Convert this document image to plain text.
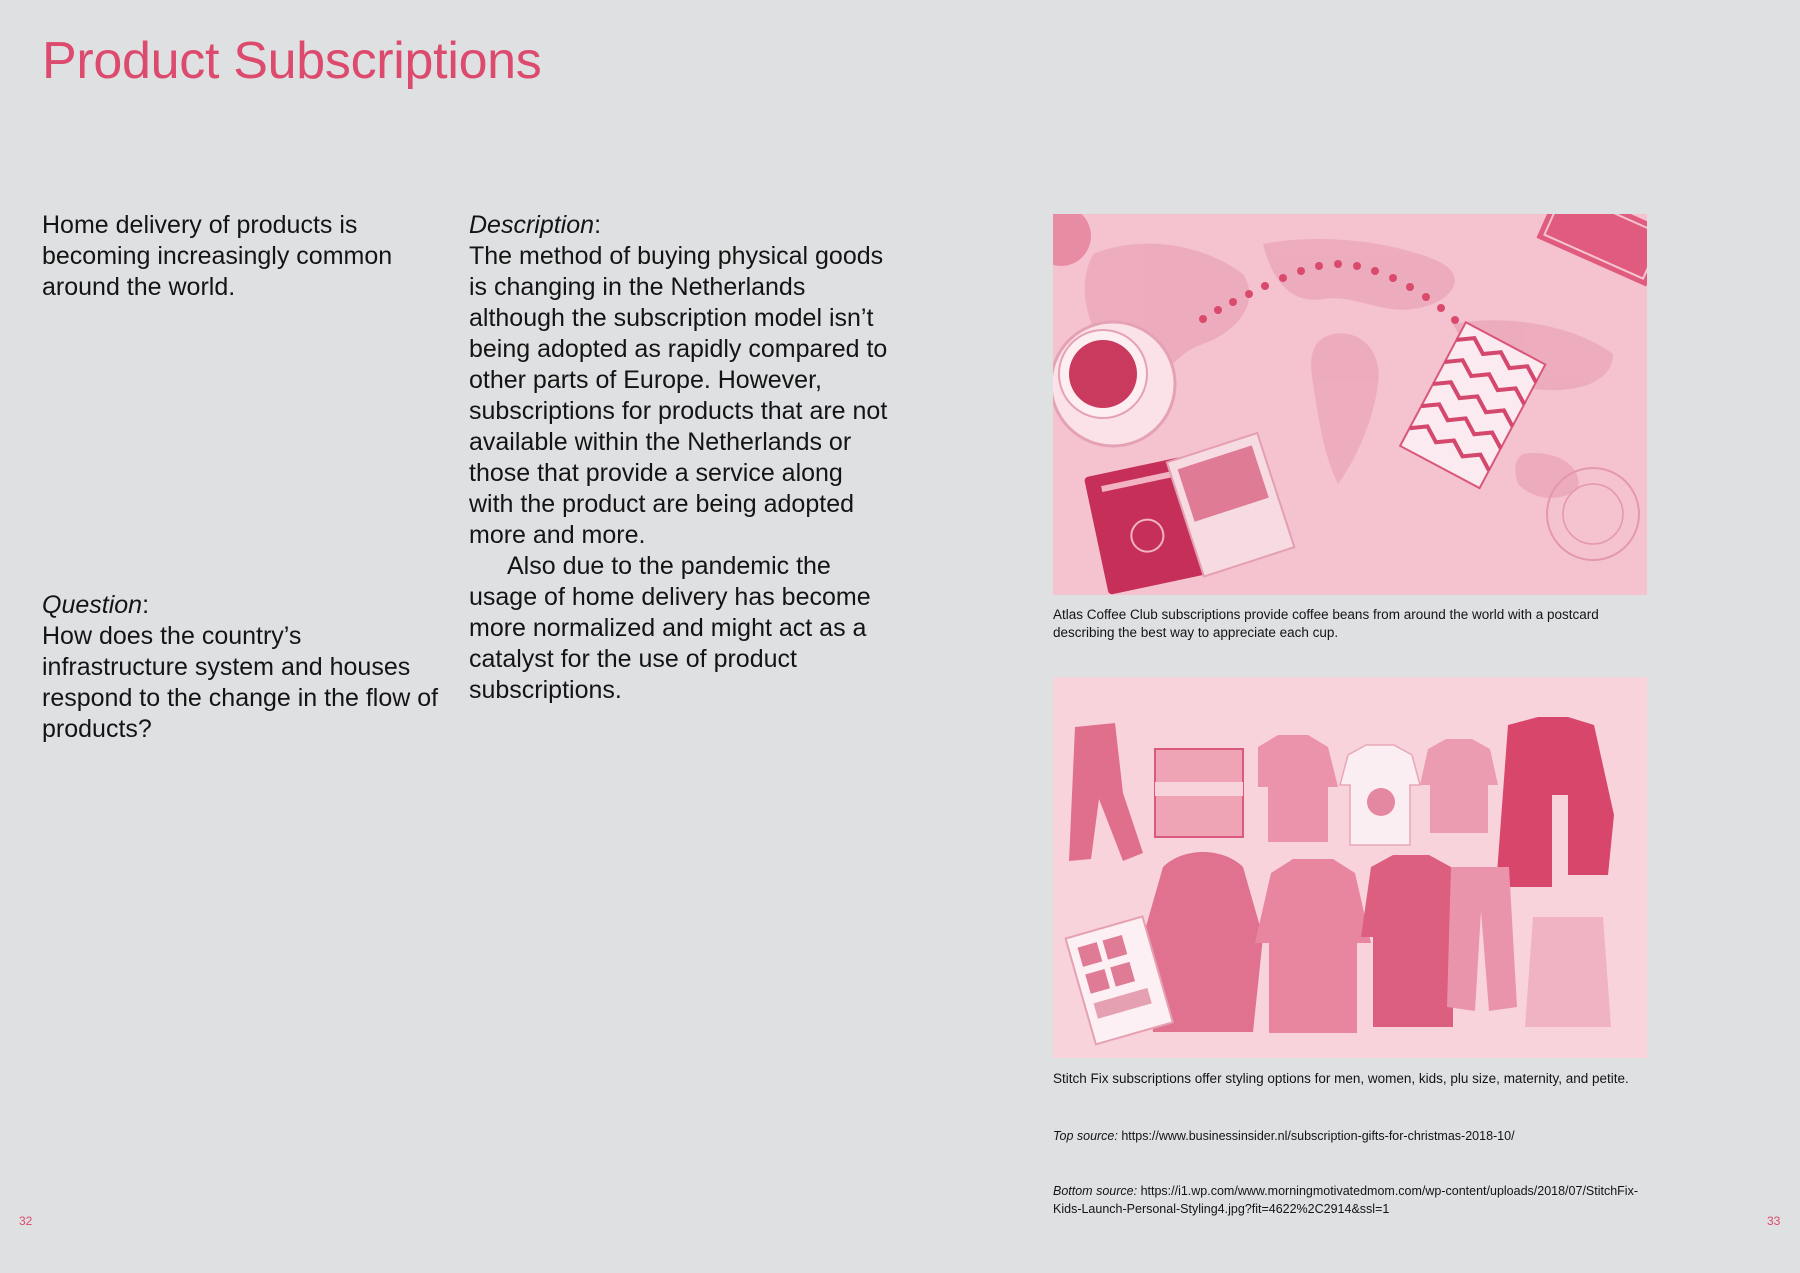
Product Subscriptions

Home delivery of products is becoming increasingly common around the world.

Question:
How does the country’s infrastructure system and houses respond to the change in the flow of products?
Description:
The method of buying physical goods is changing in the Netherlands although the subscription model isn’t being adopted as rapidly compared to other parts of Europe. However, subscriptions for products that are not available within the Netherlands or those that provide a service along with the product are being adopted more and more.
Also due to the pandemic the usage of home delivery has become more normalized and might act as a catalyst for the use of product subscriptions.

Atlas Coffee Club subscriptions provide coffee beans from around the world with a postcard describing the best way to appreciate each cup.

Stitch Fix subscriptions offer styling options for men, women, kids, plu size, maternity, and petite.

Top source: https://www.businessinsider.nl/subscription-gifts-for-christmas-2018-10/

Bottom source: https://i1.wp.com/www.morningmotivatedmom.com/wp-content/uploads/2018/07/StitchFix-Kids-Launch-Personal-Styling4.jpg?fit=4622%2C2914&ssl=1

32	33
